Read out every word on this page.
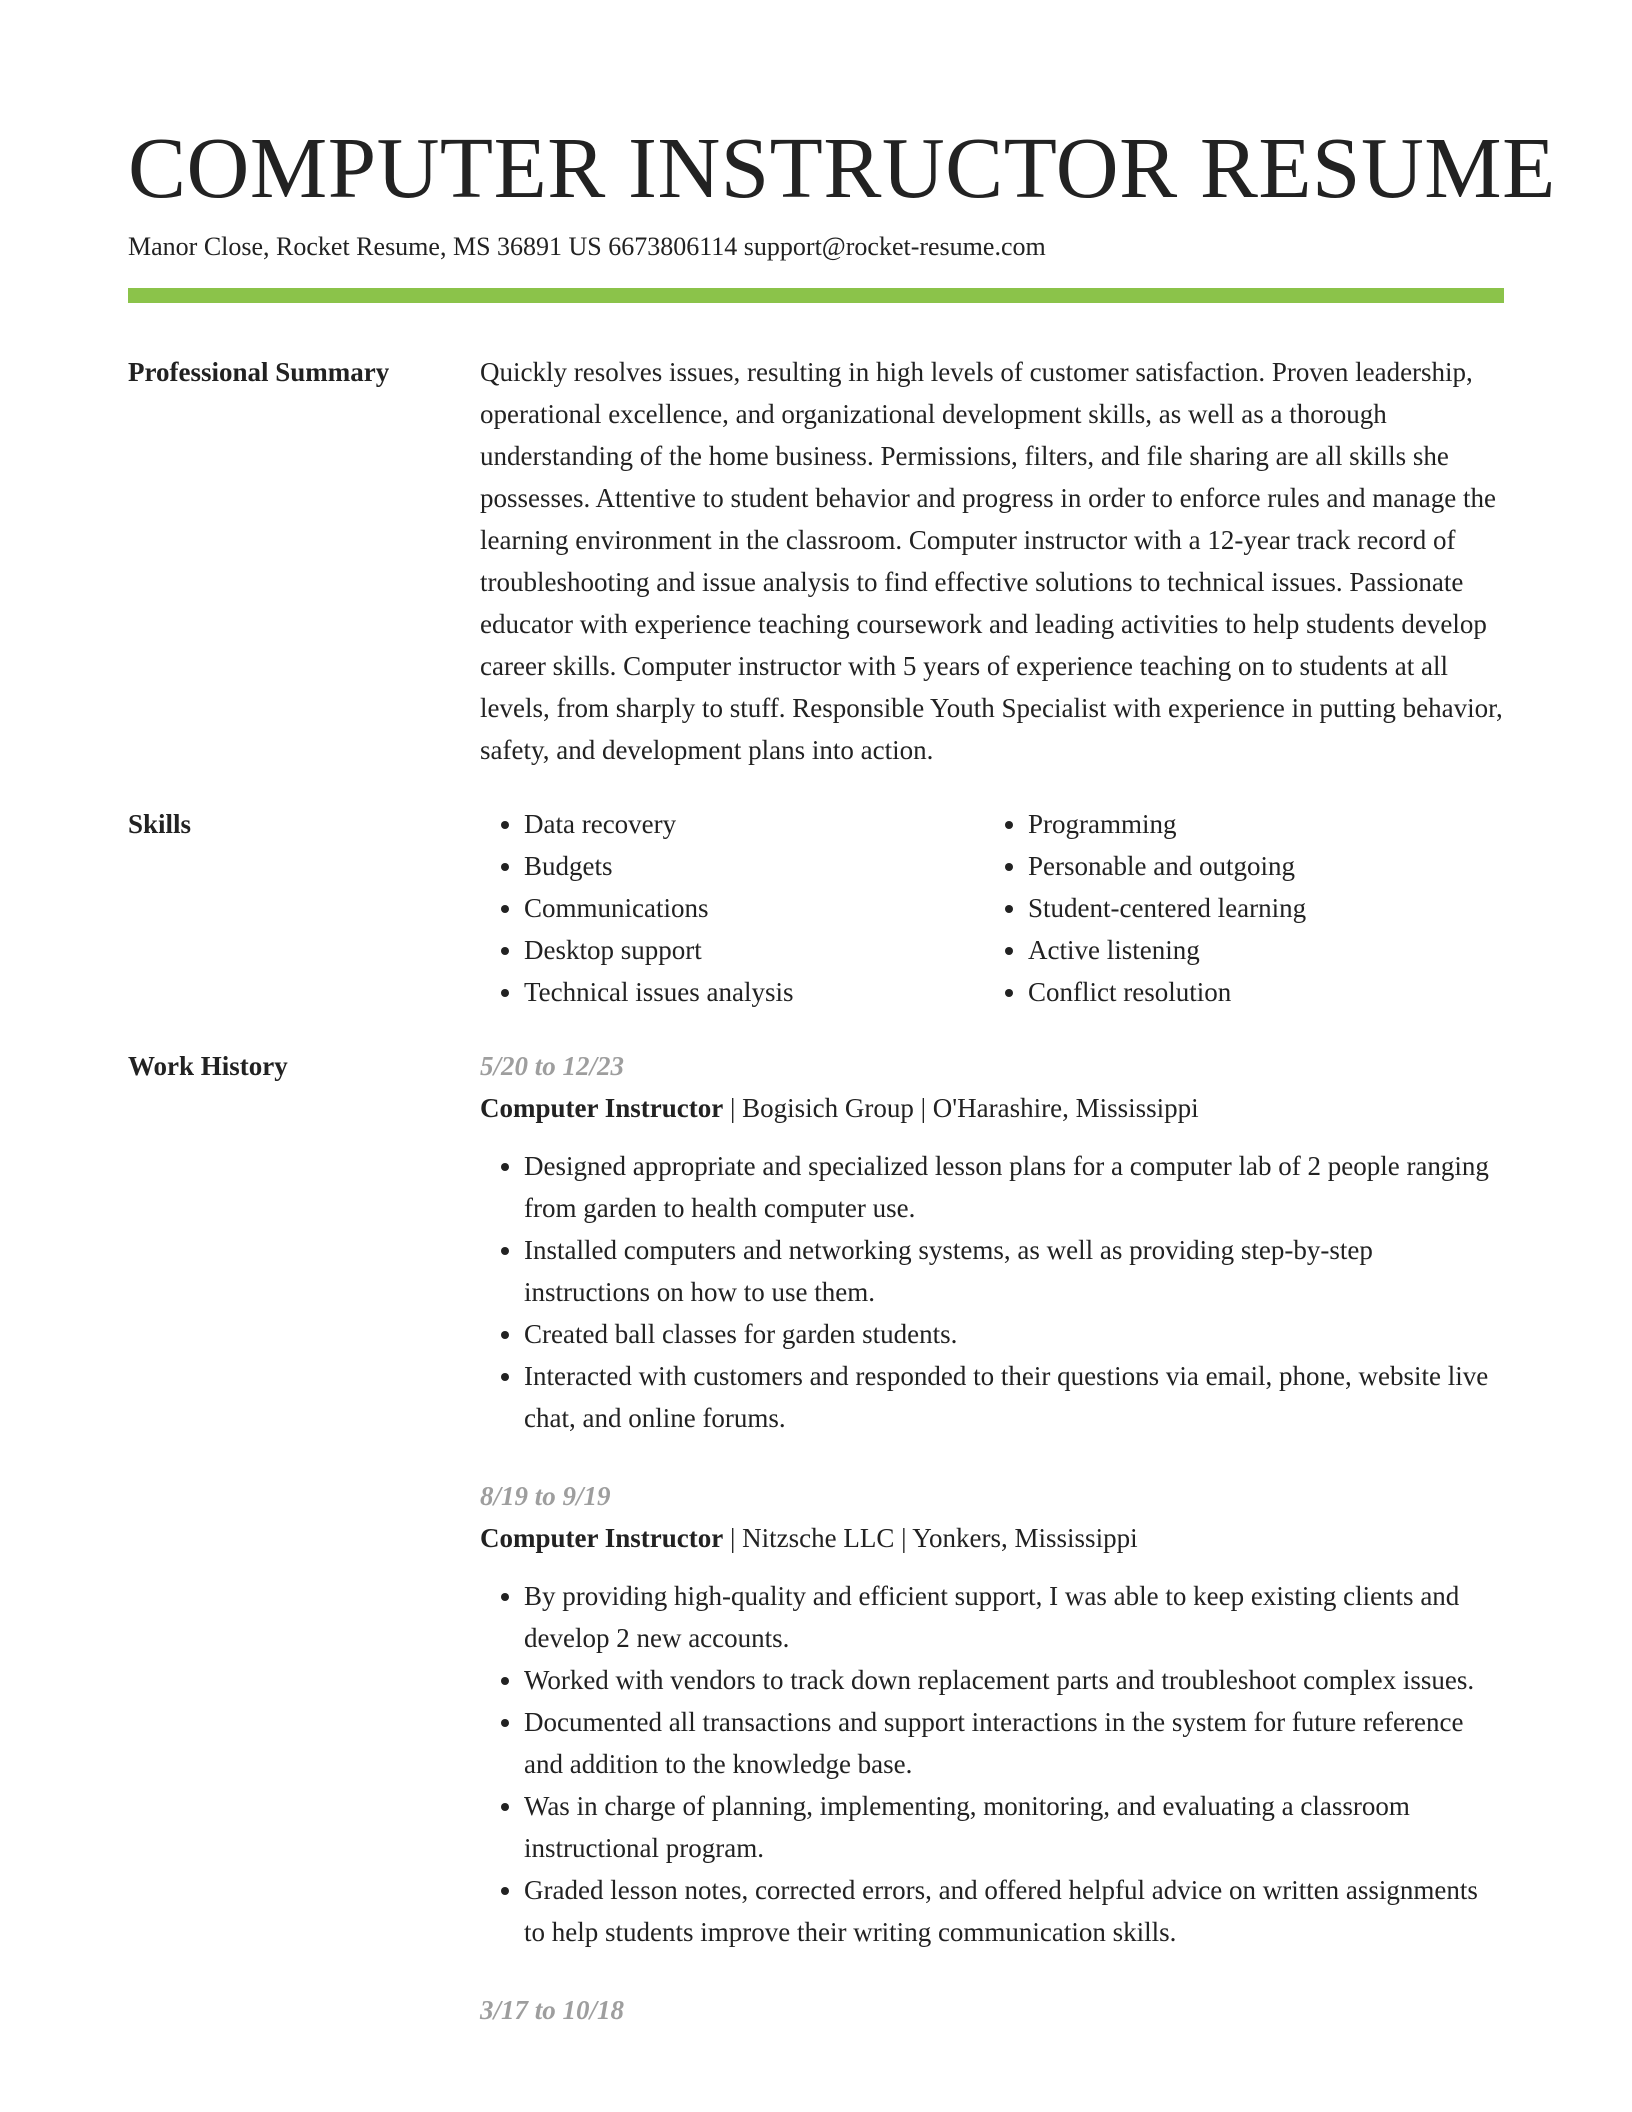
COMPUTER INSTRUCTOR RESUME
Manor Close, Rocket Resume, MS 36891 US 6673806114 support@rocket-resume.com
Professional Summary	Quickly resolves issues, resulting in high levels of customer satisfaction. Proven leadership, operational excellence, and organizational development skills, as well as a thorough understanding of the home business. Permissions, filters, and file sharing are all skills she possesses. Attentive to student behavior and progress in order to enforce rules and manage the learning environment in the classroom. Computer instructor with a 12-year track record of troubleshooting and issue analysis to find effective solutions to technical issues. Passionate educator with experience teaching coursework and leading activities to help students develop career skills. Computer instructor with 5 years of experience teaching on to students at all levels, from sharply to stuff. Responsible Youth Specialist with experience in putting behavior, safety, and development plans into action.

Skills
•	Data recovery
• Budgets
• Communications
• Desktop support
• Technical issues analysis
• Programming
• Personable and outgoing
• Student-centered learning
• Active listening
• Conflict resolution
Work History	5/20 to 12/23
Computer Instructor | Bogisich Group | O'Harashire, Mississippi
• Designed appropriate and specialized lesson plans for a computer lab of 2 people ranging from garden to health computer use.
• Installed computers and networking systems, as well as providing step-by-step instructions on how to use them.
• Created ball classes for garden students.
• Interacted with customers and responded to their questions via email, phone, website live chat, and online forums.
8/19 to 9/19
Computer Instructor | Nitzsche LLC | Yonkers, Mississippi
• By providing high-quality and efficient support, I was able to keep existing clients and develop 2 new accounts.
• Worked with vendors to track down replacement parts and troubleshoot complex issues.
• Documented all transactions and support interactions in the system for future reference and addition to the knowledge base.
• Was in charge of planning, implementing, monitoring, and evaluating a classroom instructional program.
• Graded lesson notes, corrected errors, and offered helpful advice on written assignments to help students improve their writing communication skills.
3/17 to 10/18
